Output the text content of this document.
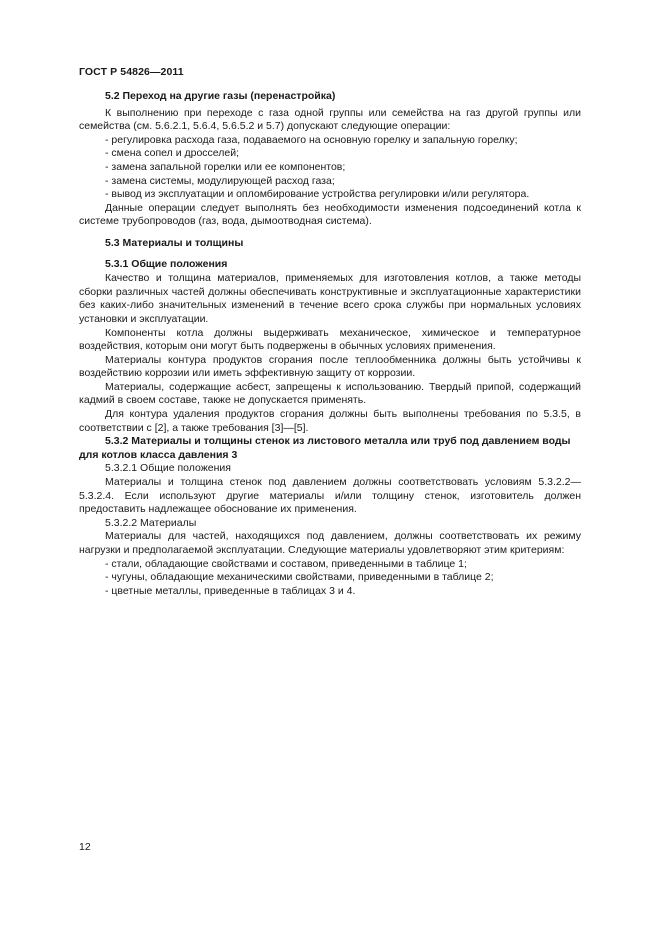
ГОСТ Р 54826—2011

5.2 Переход на другие газы (перенастройка)

К выполнению при переходе с газа одной группы или семейства на газ другой группы или семейства (см. 5.6.2.1, 5.6.4, 5.6.5.2 и 5.7) допускают следующие операции:

- регулировка расхода газа, подаваемого на основную горелку и запальную горелку;

- смена сопел и дросселей;

- замена запальной горелки или ее компонентов;

- замена системы, модулирующей расход газа;

- вывод из эксплуатации и опломбирование устройства регулировки и/или регулятора.

Данные операции следует выполнять без необходимости изменения подсоединений котла к системе трубопроводов (газ, вода, дымоотводная система).

5.3 Материалы и толщины

5.3.1 Общие положения

Качество и толщина материалов, применяемых для изготовления котлов, а также методы сборки различных частей должны обеспечивать конструктивные и эксплуатационные характеристики без каких-либо значительных изменений в течение всего срока службы при нормальных условиях установки и эксплуатации.

Компоненты котла должны выдерживать механическое, химическое и температурное воздействия, которым они могут быть подвержены в обычных условиях применения.

Материалы контура продуктов сгорания после теплообменника должны быть устойчивы к воздействию коррозии или иметь эффективную защиту от коррозии.

Материалы, содержащие асбест, запрещены к использованию. Твердый припой, содержащий кадмий в своем составе, также не допускается применять.

Для контура удаления продуктов сгорания должны быть выполнены требования по 5.3.5, в соответствии с [2], а также требования [3]—[5].

5.3.2 Материалы и толщины стенок из листового металла или труб под давлением воды для котлов класса давления 3

5.3.2.1 Общие положения

Материалы и толщина стенок под давлением должны соответствовать условиям 5.3.2.2—5.3.2.4. Если используют другие материалы и/или толщину стенок, изготовитель должен предоставить надлежащее обоснование их применения.

5.3.2.2 Материалы

Материалы для частей, находящихся под давлением, должны соответствовать их режиму нагрузки и предполагаемой эксплуатации. Следующие материалы удовлетворяют этим критериям:

- стали, обладающие свойствами и составом, приведенными в таблице 1;

- чугуны, обладающие механическими свойствами, приведенными в таблице 2;

- цветные металлы, приведенные в таблицах 3 и 4.

12
